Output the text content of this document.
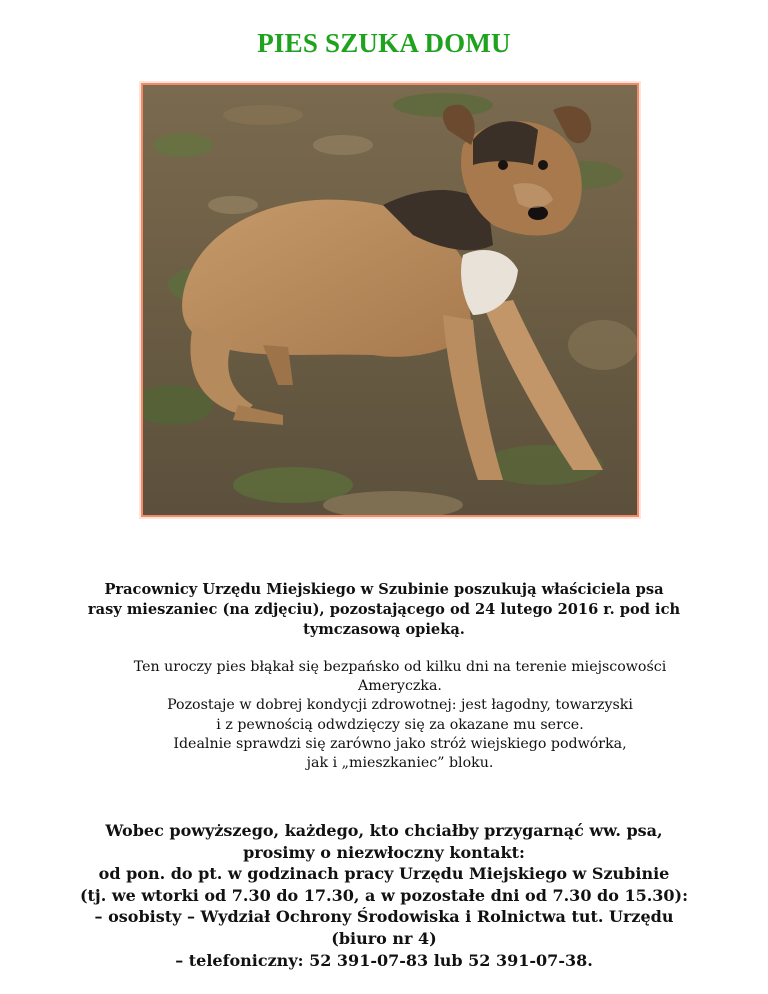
PIES SZUKA DOMU

Pracownicy Urzędu Miejskiego w Szubinie poszukują właściciela psa

rasy mieszaniec (na zdjęciu), pozostającego od 24 lutego 2016 r. pod ich

tymczasową opieką.

Ten uroczy pies błąkał się bezpańsko od kilku dni na terenie miejscowości

Ameryczka.

Pozostaje w dobrej kondycji zdrowotnej: jest łagodny, towarzyski

i z pewnością odwdzięczy się za okazane mu serce.

Idealnie sprawdzi się zarówno jako stróż wiejskiego podwórka,

jak i „mieszkaniec” bloku.

Wobec powyższego, każdego, kto chciałby przygarnąć ww. psa,

prosimy o niezwłoczny kontakt:

od pon. do pt. w godzinach pracy Urzędu Miejskiego w Szubinie

(tj. we wtorki od 7.30 do 17.30, a w pozostałe dni od 7.30 do 15.30):

– osobisty – Wydział Ochrony Środowiska i Rolnictwa tut. Urzędu

(biuro nr 4)

– telefoniczny: 52 391-07-83 lub 52 391-07-38.
